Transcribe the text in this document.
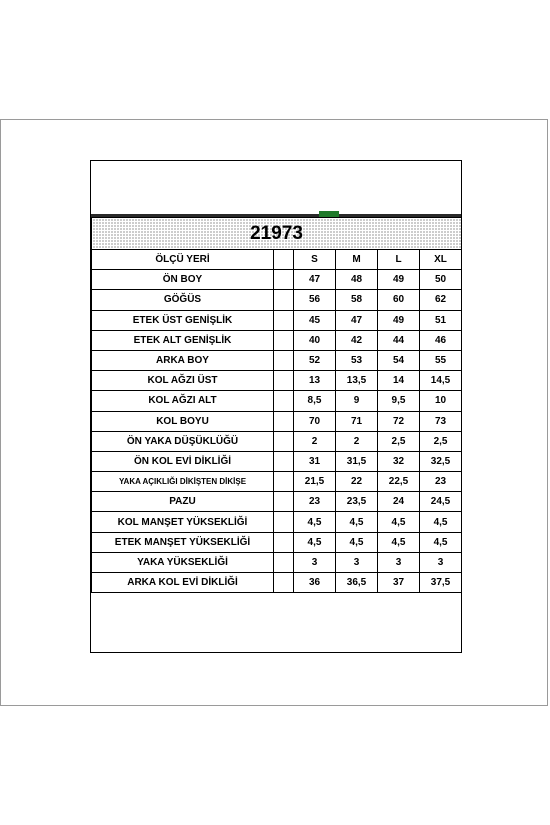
21973					
ÖLÇÜ YERİ		S	M	L	XL
ÖN BOY		47	48	49	50
GÖĞÜS		56	58	60	62
ETEK ÜST GENİŞLİK		45	47	49	51
ETEK ALT GENİŞLİK		40	42	44	46
ARKA BOY		52	53	54	55
KOL AĞZI ÜST		13	13,5	14	14,5
KOL AĞZI ALT		8,5	9	9,5	10
KOL BOYU		70	71	72	73
ÖN YAKA DÜŞÜKLÜĞÜ		2	2	2,5	2,5
ÖN KOL EVİ DİKLİĞİ		31	31,5	32	32,5
YAKA AÇIKLIĞI DİKİŞTEN DİKİŞE		21,5	22	22,5	23
PAZU		23	23,5	24	24,5
KOL MANŞET YÜKSEKLİĞİ		4,5	4,5	4,5	4,5
ETEK MANŞET YÜKSEKLİĞİ		4,5	4,5	4,5	4,5
YAKA YÜKSEKLİĞİ		3	3	3	3
ARKA KOL EVİ DİKLİĞİ		36	36,5	37	37,5
